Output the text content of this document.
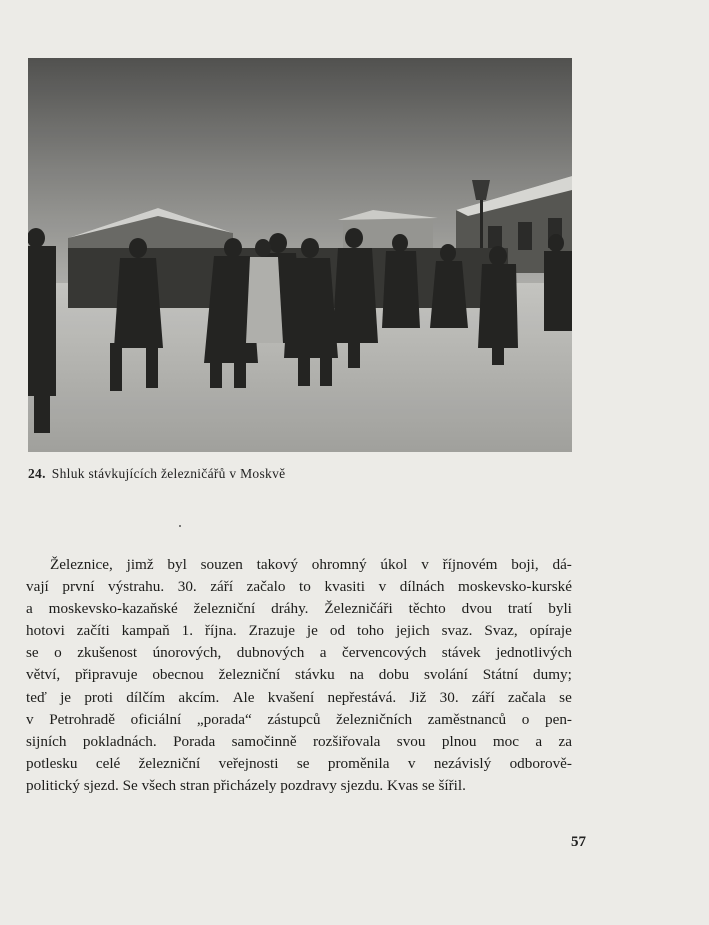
24. Shluk stávkujících železničářů v Moskvě
Železnice, jimž byl souzen takový ohromný úkol v říjnovém boji, dá-
vají první výstrahu. 30. září začalo to kvasiti v dílnách moskevsko-kurské
a moskevsko-kazaňské železniční dráhy. Železničáři těchto dvou tratí byli
hotovi začíti kampaň 1. října. Zrazuje je od toho jejich svaz. Svaz, opíraje
se o zkušenost únorových, dubnových a červencových stávek jednotlivých
větví, připravuje obecnou železniční stávku na dobu svolání Státní dumy;
teď je proti dílčím akcím. Ale kvašení nepřestává. Již 30. září začala se
v Petrohradě oficiální „porada“ zástupců železničních zaměstnanců o pen-
sijních pokladnách. Porada samočinně rozšiřovala svou plnou moc a za
potlesku celé železniční veřejnosti se proměnila v nezávislý odborově-
politický sjezd. Se všech stran přicházely pozdravy sjezdu. Kvas se šířil.
57
